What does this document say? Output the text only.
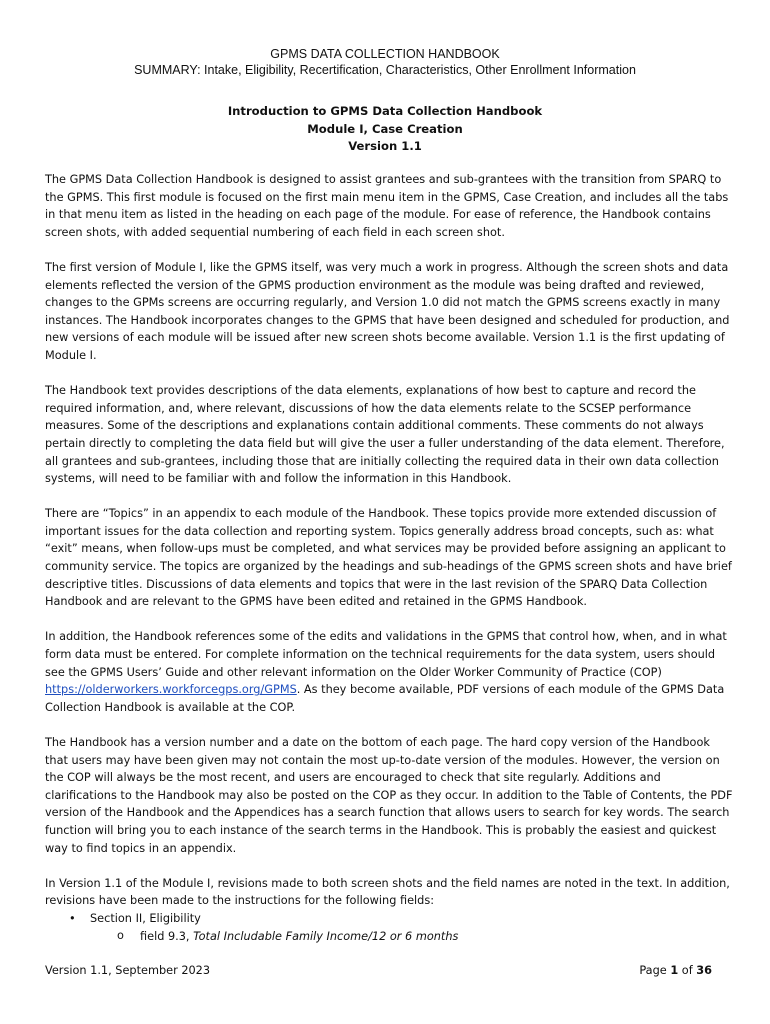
GPMS DATA COLLECTION HANDBOOK
SUMMARY: Intake, Eligibility, Recertification, Characteristics, Other Enrollment Information
Introduction to GPMS Data Collection Handbook
Module I, Case Creation
Version 1.1

The GPMS Data Collection Handbook is designed to assist grantees and sub-grantees with the transition from SPARQ to the GPMS. This first module is focused on the first main menu item in the GPMS, Case Creation, and includes all the tabs in that menu item as listed in the heading on each page of the module. For ease of reference, the Handbook contains screen shots, with added sequential numbering of each field in each screen shot.

The first version of Module I, like the GPMS itself, was very much a work in progress. Although the screen shots and data elements reflected the version of the GPMS production environment as the module was being drafted and reviewed, changes to the GPMs screens are occurring regularly, and Version 1.0 did not match the GPMS screens exactly in many instances. The Handbook incorporates changes to the GPMS that have been designed and scheduled for production, and new versions of each module will be issued after new screen shots become available. Version 1.1 is the first updating of Module I.

The Handbook text provides descriptions of the data elements, explanations of how best to capture and record the required information, and, where relevant, discussions of how the data elements relate to the SCSEP performance measures. Some of the descriptions and explanations contain additional comments. These comments do not always pertain directly to completing the data field but will give the user a fuller understanding of the data element. Therefore, all grantees and sub-grantees, including those that are initially collecting the required data in their own data collection systems, will need to be familiar with and follow the information in this Handbook.

There are “Topics” in an appendix to each module of the Handbook. These topics provide more extended discussion of important issues for the data collection and reporting system. Topics generally address broad concepts, such as: what “exit” means, when follow-ups must be completed, and what services may be provided before assigning an applicant to community service. The topics are organized by the headings and sub-headings of the GPMS screen shots and have brief descriptive titles. Discussions of data elements and topics that were in the last revision of the SPARQ Data Collection Handbook and are relevant to the GPMS have been edited and retained in the GPMS Handbook.

In addition, the Handbook references some of the edits and validations in the GPMS that control how, when, and in what form data must be entered. For complete information on the technical requirements for the data system, users should see the GPMS Users’ Guide and other relevant information on the Older Worker Community of Practice (COP) https://olderworkers.workforcegps.org/GPMS. As they become available, PDF versions of each module of the GPMS Data Collection Handbook is available at the COP.

The Handbook has a version number and a date on the bottom of each page. The hard copy version of the Handbook that users may have been given may not contain the most up-to-date version of the modules. However, the version on the COP will always be the most recent, and users are encouraged to check that site regularly. Additions and clarifications to the Handbook may also be posted on the COP as they occur. In addition to the Table of Contents, the PDF version of the Handbook and the Appendices has a search function that allows users to search for key words. The search function will bring you to each instance of the search terms in the Handbook. This is probably the easiest and quickest way to find topics in an appendix.

In Version 1.1 of the Module I, revisions made to both screen shots and the field names are noted in the text. In addition, revisions have been made to the instructions for the following fields:

• Section II, Eligibility
o field 9.3, Total Includable Family Income/12 or 6 months
Version 1.1, September 2023	Page 1 of 36
